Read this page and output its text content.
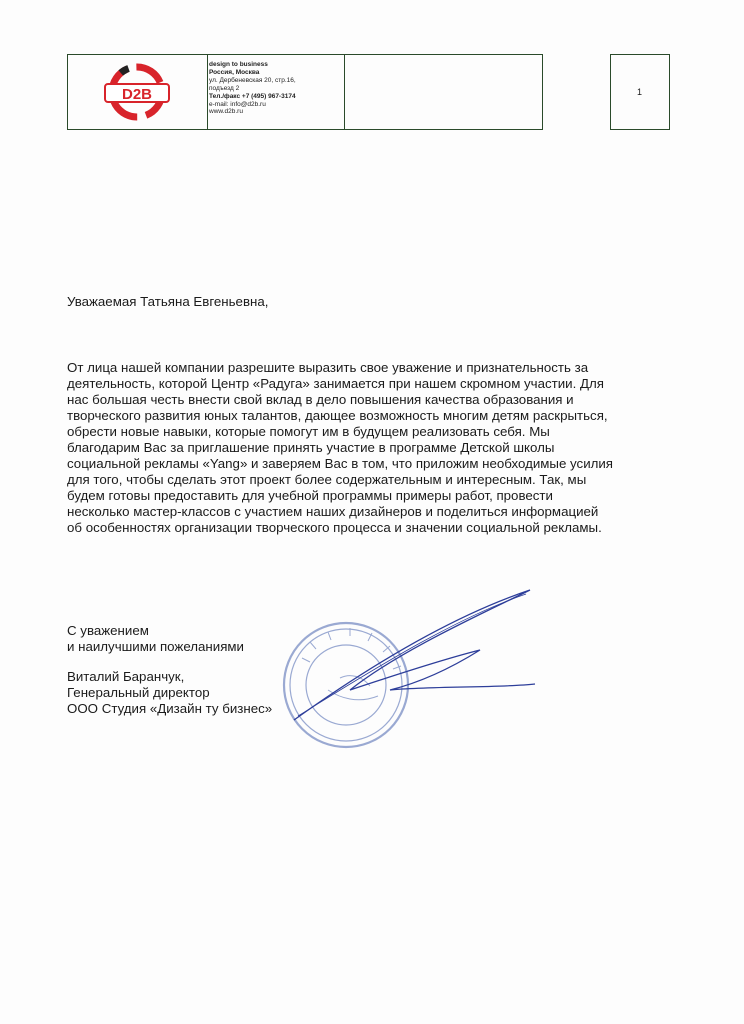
D2B
design to business
Россия, Москва
ул. Дербеневская 20, стр.16,
подъезд 2
Тел./факс +7 (495) 967-3174
e-mail: info@d2b.ru
www.d2b.ru
1
Уважаемая Татьяна Евгеньевна,
От лица нашей компании разрешите выразить свое уважение и признательность за
деятельность, которой Центр «Радуга» занимается при нашем скромном участии. Для
нас большая честь внести свой вклад в дело повышения качества образования и
творческого развития юных талантов, дающее возможность многим детям раскрыться,
обрести новые навыки, которые помогут им в будущем реализовать себя. Мы
благодарим Вас за приглашение принять участие в программе Детской школы
социальной рекламы «Yang» и заверяем Вас в том, что приложим необходимые усилия
для того, чтобы сделать этот проект более содержательным и интересным. Так, мы
будем готовы предоставить для учебной программы примеры работ, провести
несколько мастер-классов с участием наших дизайнеров и поделиться информацией
об особенностях организации творческого процесса и значении социальной рекламы.
С уважением
и наилучшими пожеланиями
Виталий Баранчук,
Генеральный директор
ООО Студия «Дизайн ту бизнес»
